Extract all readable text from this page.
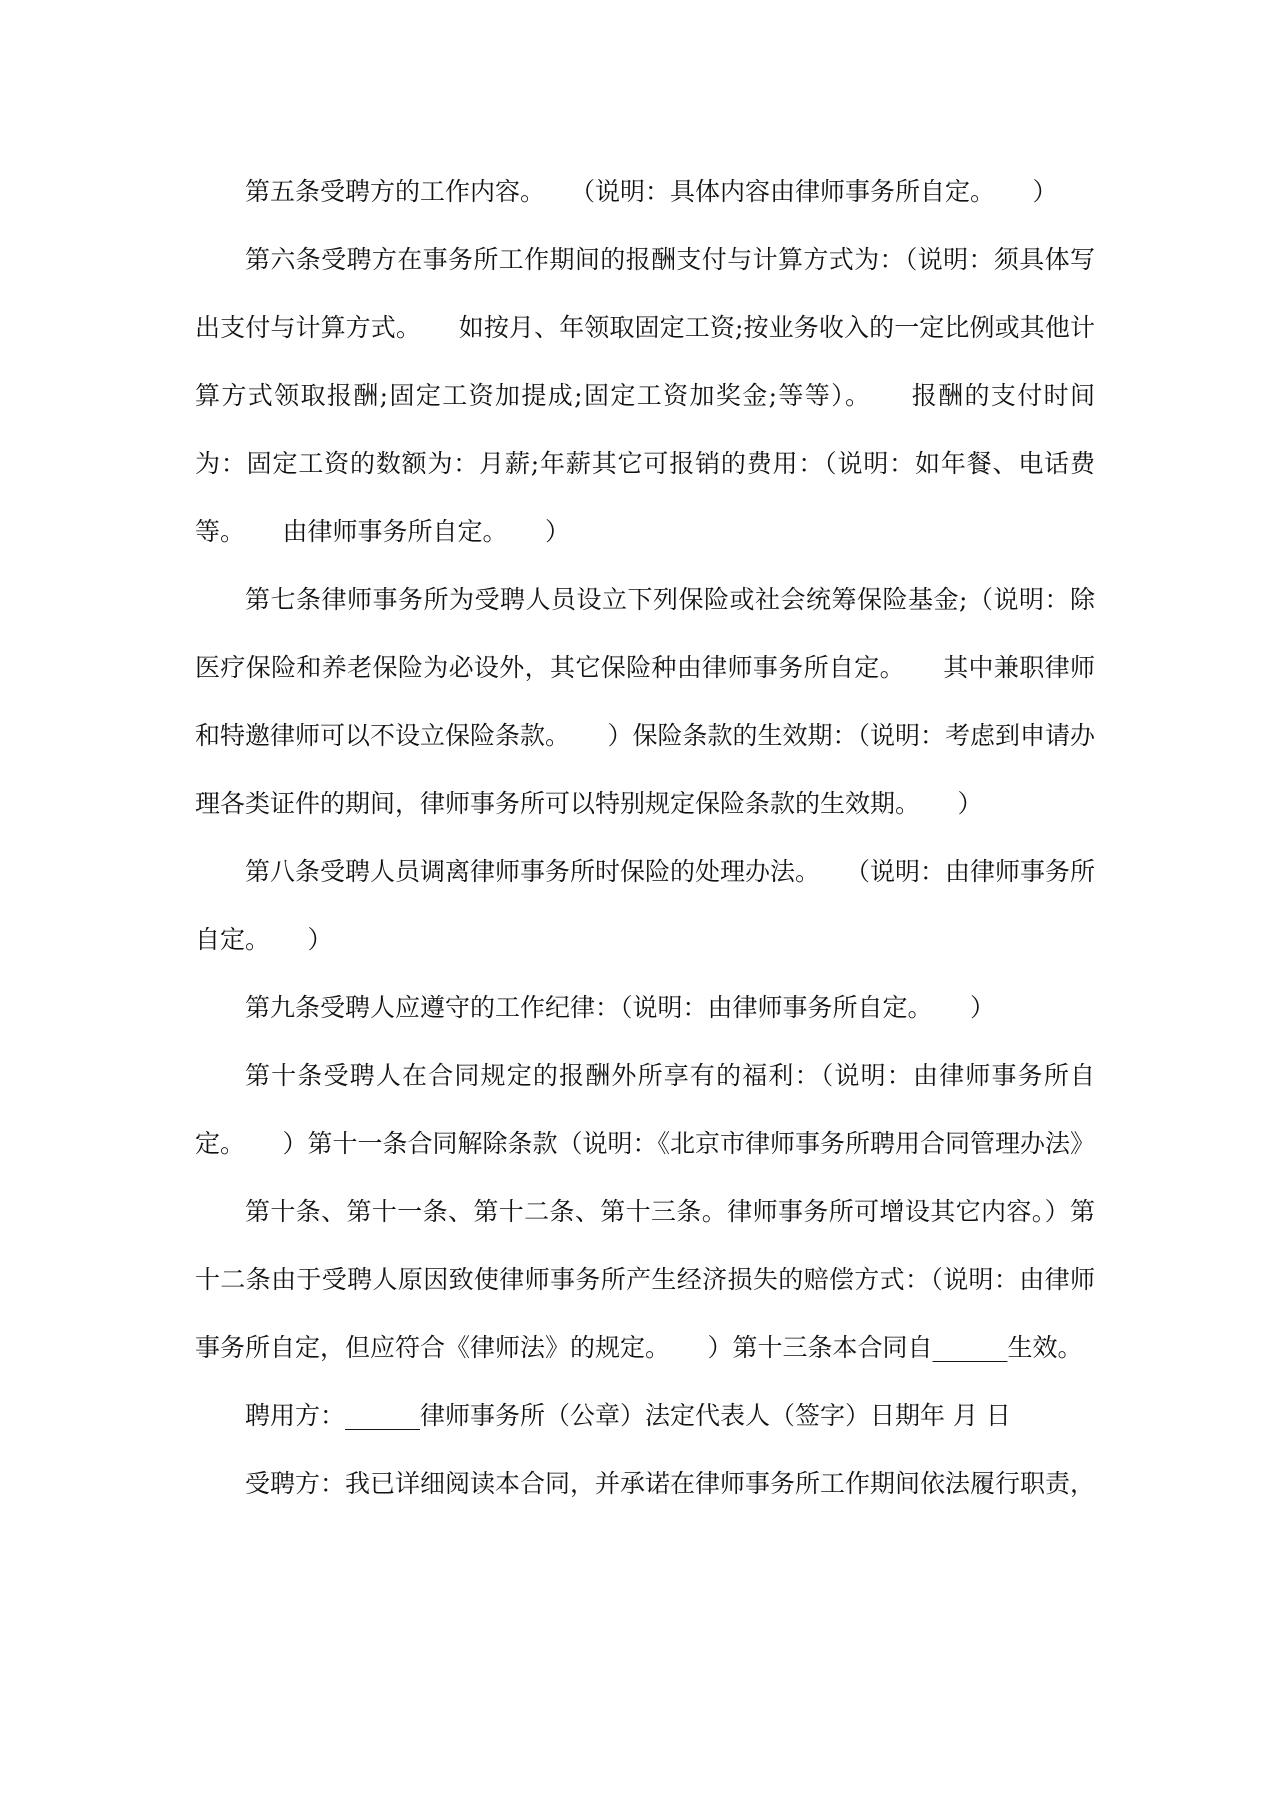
第五条受聘方的工作内容。　　（说明：具体内容由律师事务所自定。　　）

第六条受聘方在事务所工作期间的报酬支付与计算方式为：（说明：须具体写出支付与计算方式。　　如按月、年领取固定工资;按业务收入的一定比例或其他计算方式领取报酬;固定工资加提成;固定工资加奖金;等等）。　　报酬的支付时间为：固定工资的数额为：月薪;年薪其它可报销的费用：（说明：如年餐、电话费等。　　由律师事务所自定。　　）

第七条律师事务所为受聘人员设立下列保险或社会统筹保险基金;（说明：除医疗保险和养老保险为必设外，其它保险种由律师事务所自定。　　其中兼职律师和特邀律师可以不设立保险条款。　　）保险条款的生效期：（说明：考虑到申请办理各类证件的期间，律师事务所可以特别规定保险条款的生效期。　　）

第八条受聘人员调离律师事务所时保险的处理办法。　　（说明：由律师事务所自定。　　）

第九条受聘人应遵守的工作纪律：（说明：由律师事务所自定。　　）

第十条受聘人在合同规定的报酬外所享有的福利：（说明：由律师事务所自定。　　）第十一条合同解除条款（说明：《北京市律师事务所聘用合同管理办法》

第十条、第十一条、第十二条、第十三条。律师事务所可增设其它内容。）第十二条由于受聘人原因致使律师事务所产生经济损失的赔偿方式：（说明：由律师事务所自定，但应符合《律师法》的规定。　　）第十三条本合同自______生效。

聘用方：______律师事务所（公章）法定代表人（签字）日期年 月 日

受聘方：我已详细阅读本合同，并承诺在律师事务所工作期间依法履行职责，
